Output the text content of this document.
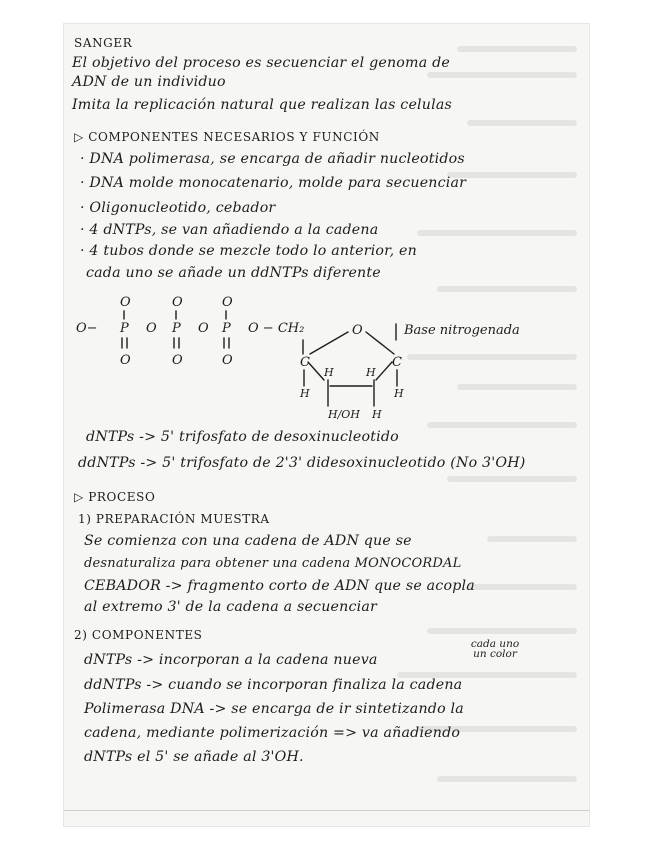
SANGER

El objetivo del proceso es secuenciar el genoma de

ADN de un individuo

Imita la replicación natural que realizan las celulas

▷ COMPONENTES NECESARIOS Y FUNCIÓN

· DNA polimerasa, se encarga de añadir nucleotidos

· DNA molde monocatenario, molde para secuenciar

· Oligonucleotido, cebador

· 4 dNTPs, se van añadiendo a la cadena

· 4 tubos donde se mezcle todo lo anterior, en

cada uno se añade un ddNTPs diferente

O	O	O
O− P O P O P O − CH₂
O	O	O
O	Base nitrogenada
C	C
H	H
H	H
H/OH H

dNTPs -> 5' trifosfato de desoxinucleotido

ddNTPs -> 5' trifosfato de 2'3' didesoxinucleotido (No 3'OH)

▷ PROCESO

1) PREPARACIÓN MUESTRA

Se comienza con una cadena de ADN que se

desnaturaliza para obtener una cadena MONOCORDAL

CEBADOR -> fragmento corto de ADN que se acopla

al extremo 3' de la cadena a secuenciar

2) COMPONENTES

dNTPs -> incorporan a la cadena nueva

cada uno
un color

ddNTPs -> cuando se incorporan finaliza la cadena

Polimerasa DNA -> se encarga de ir sintetizando la

cadena, mediante polimerización => va añadiendo

dNTPs el 5' se añade al 3'OH.
